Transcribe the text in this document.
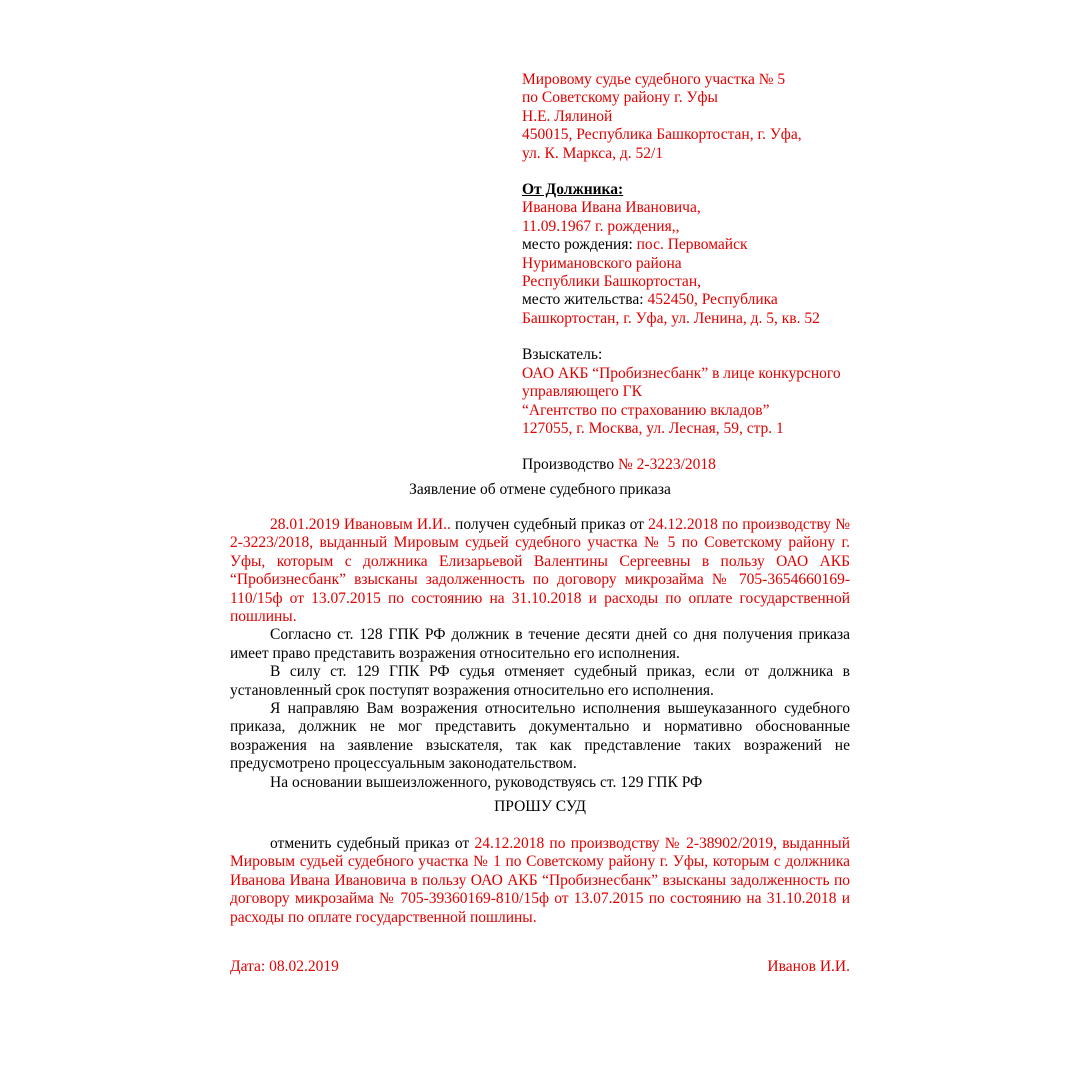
Мировому судье судебного участка № 5
по Советскому району г. Уфы
Н.Е. Лялиной
450015, Республика Башкортостан, г. Уфа,
ул. К. Маркса, д. 52/1
От Должника:
Иванова Ивана Ивановича,
11.09.1967 г. рождения,,
место рождения: пос. Первомайск
Нуримановского района
Республики Башкортостан,
место жительства: 452450, Республика
Башкортостан, г. Уфа, ул. Ленина, д. 5, кв. 52
Взыскатель:
ОАО АКБ “Пробизнесбанк” в лице конкурсного
управляющего ГК
“Агентство по страхованию вкладов”
127055, г. Москва, ул. Лесная, 59, стр. 1
Производство № 2-3223/2018
Заявление об отмене судебного приказа

28.01.2019 Ивановым И.И.. получен судебный приказ от 24.12.2018 по производству № 2-3223/2018, выданный Мировым судьей судебного участка № 5 по Советскому району г. Уфы, которым с должника Елизарьевой Валентины Сергеевны в пользу ОАО АКБ “Пробизнесбанк” взысканы задолженность по договору микрозайма № 705-3654660169-110/15ф от 13.07.2015 по состоянию на 31.10.2018 и расходы по оплате государственной пошлины.

Согласно ст. 128 ГПК РФ должник в течение десяти дней со дня получения приказа имеет право представить возражения относительно его исполнения.

В силу ст. 129 ГПК РФ судья отменяет судебный приказ, если от должника в установленный срок поступят возражения относительно его исполнения.

Я направляю Вам возражения относительно исполнения вышеуказанного судебного приказа, должник не мог представить документально и нормативно обоснованные возражения на заявление взыскателя, так как представление таких возражений не предусмотрено процессуальным законодательством.

На основании вышеизложенного, руководствуясь ст. 129 ГПК РФ

ПРОШУ СУД

отменить судебный приказ от 24.12.2018 по производству № 2-38902/2019, выданный Мировым судьей судебного участка № 1 по Советскому району г. Уфы, которым с должника Иванова Ивана Ивановича в пользу ОАО АКБ “Пробизнесбанк” взысканы задолженность по договору микрозайма № 705-39360169-810/15ф от 13.07.2015 по состоянию на 31.10.2018 и расходы по оплате государственной пошлины.

Дата: 08.02.2019	Иванов И.И.
